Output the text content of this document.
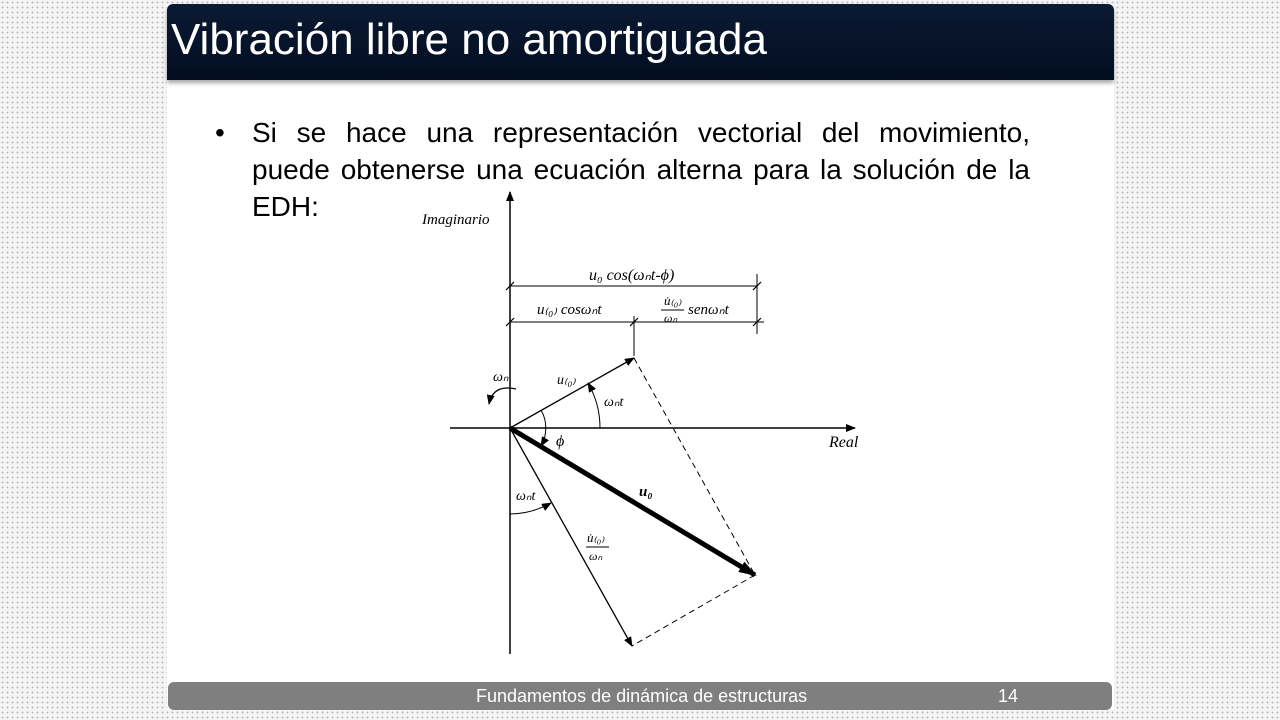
Vibración libre no amortiguada
• Si se hace una representación vectorial del movimiento, puede obtenerse una ecuación alterna para la solución de la EDH:	Imaginario
Real
u₀ cos(ωₙt-ϕ)
u₍₀₎ cosωₙt
u̇₍₀₎
ωₙ senωₙt
u₍₀₎
u̇₍₀₎
ωₙ
u₀
ωₙt
ϕ
ωₙt
ωₙ
Fundamentos de dinámica de estructuras	14
